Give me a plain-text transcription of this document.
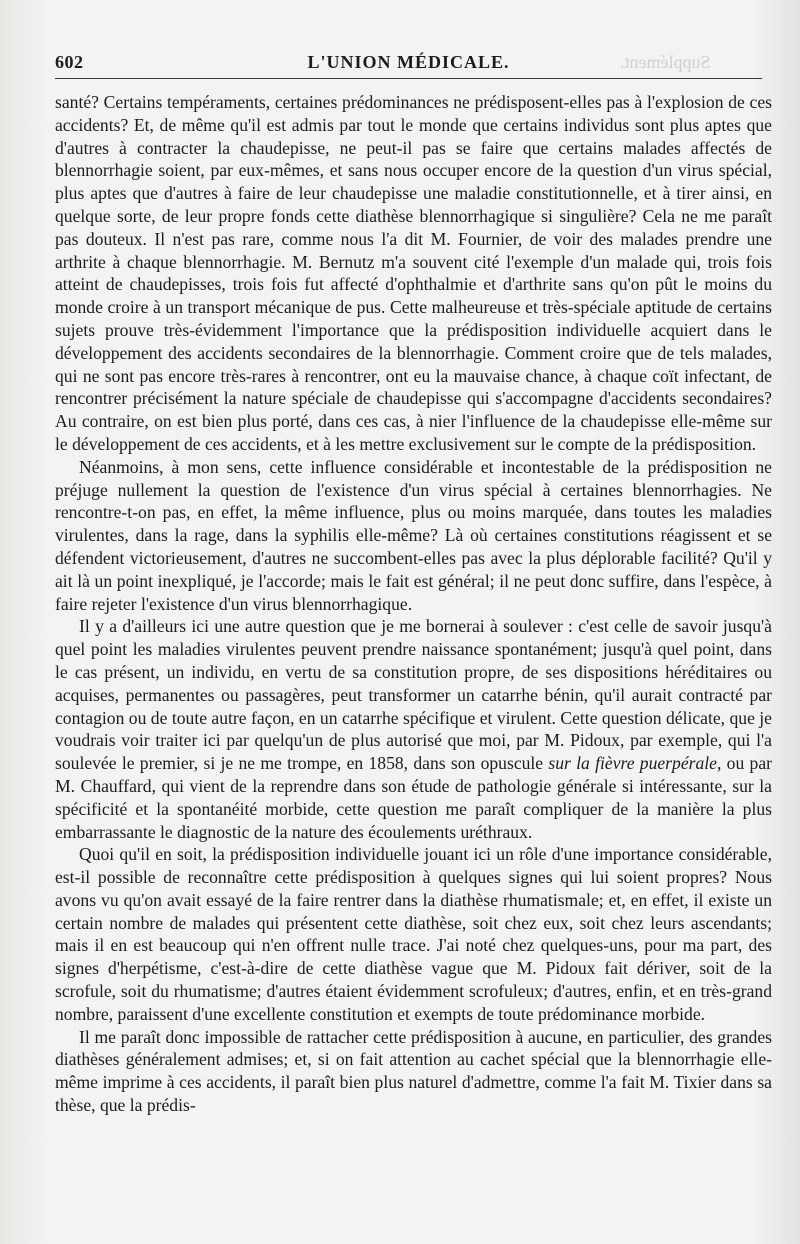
602	L'UNION MÉDICALE.	Supplément.

santé? Certains tempéraments, certaines prédominances ne prédisposent-elles pas à l'explosion de ces accidents? Et, de même qu'il est admis par tout le monde que certains individus sont plus aptes que d'autres à contracter la chaudepisse, ne peut-il pas se faire que certains malades affectés de blennorrhagie soient, par eux-mêmes, et sans nous occuper encore de la question d'un virus spécial, plus aptes que d'autres à faire de leur chaudepisse une maladie constitutionnelle, et à tirer ainsi, en quelque sorte, de leur propre fonds cette diathèse blennorrhagique si singulière? Cela ne me paraît pas douteux. Il n'est pas rare, comme nous l'a dit M. Fournier, de voir des malades prendre une arthrite à chaque blennorrhagie. M. Bernutz m'a souvent cité l'exemple d'un malade qui, trois fois atteint de chaudepisses, trois fois fut affecté d'ophthalmie et d'arthrite sans qu'on pût le moins du monde croire à un transport mécanique de pus. Cette malheureuse et très-spéciale aptitude de certains sujets prouve très-évidemment l'importance que la prédisposition individuelle acquiert dans le développement des accidents secondaires de la blennorrhagie. Comment croire que de tels malades, qui ne sont pas encore très-rares à rencontrer, ont eu la mauvaise chance, à chaque coït infectant, de rencontrer précisément la nature spéciale de chaudepisse qui s'accompagne d'accidents secondaires? Au contraire, on est bien plus porté, dans ces cas, à nier l'influence de la chaudepisse elle-même sur le développement de ces accidents, et à les mettre exclusivement sur le compte de la prédisposition.

Néanmoins, à mon sens, cette influence considérable et incontestable de la prédisposition ne préjuge nullement la question de l'existence d'un virus spécial à certaines blennorrhagies. Ne rencontre-t-on pas, en effet, la même influence, plus ou moins marquée, dans toutes les maladies virulentes, dans la rage, dans la syphilis elle-même? Là où certaines constitutions réagissent et se défendent victorieusement, d'autres ne succombent-elles pas avec la plus déplorable facilité? Qu'il y ait là un point inexpliqué, je l'accorde; mais le fait est général; il ne peut donc suffire, dans l'espèce, à faire rejeter l'existence d'un virus blennorrhagique.

Il y a d'ailleurs ici une autre question que je me bornerai à soulever : c'est celle de savoir jusqu'à quel point les maladies virulentes peuvent prendre naissance spontanément; jusqu'à quel point, dans le cas présent, un individu, en vertu de sa constitution propre, de ses dispositions héréditaires ou acquises, permanentes ou passagères, peut transformer un catarrhe bénin, qu'il aurait contracté par contagion ou de toute autre façon, en un catarrhe spécifique et virulent. Cette question délicate, que je voudrais voir traiter ici par quelqu'un de plus autorisé que moi, par M. Pidoux, par exemple, qui l'a soulevée le premier, si je ne me trompe, en 1858, dans son opuscule sur la fièvre puerpérale, ou par M. Chauffard, qui vient de la reprendre dans son étude de pathologie générale si intéressante, sur la spécificité et la spontanéité morbide, cette question me paraît compliquer de la manière la plus embarrassante le diagnostic de la nature des écoulements uréthraux.

Quoi qu'il en soit, la prédisposition individuelle jouant ici un rôle d'une importance considérable, est-il possible de reconnaître cette prédisposition à quelques signes qui lui soient propres? Nous avons vu qu'on avait essayé de la faire rentrer dans la diathèse rhumatismale; et, en effet, il existe un certain nombre de malades qui présentent cette diathèse, soit chez eux, soit chez leurs ascendants; mais il en est beaucoup qui n'en offrent nulle trace. J'ai noté chez quelques-uns, pour ma part, des signes d'herpétisme, c'est-à-dire de cette diathèse vague que M. Pidoux fait dériver, soit de la scrofule, soit du rhumatisme; d'autres étaient évidemment scrofuleux; d'autres, enfin, et en très-grand nombre, paraissent d'une excellente constitution et exempts de toute prédominance morbide.

Il me paraît donc impossible de rattacher cette prédisposition à aucune, en particulier, des grandes diathèses généralement admises; et, si on fait attention au cachet spécial que la blennorrhagie elle-même imprime à ces accidents, il paraît bien plus naturel d'admettre, comme l'a fait M. Tixier dans sa thèse, que la prédis-
